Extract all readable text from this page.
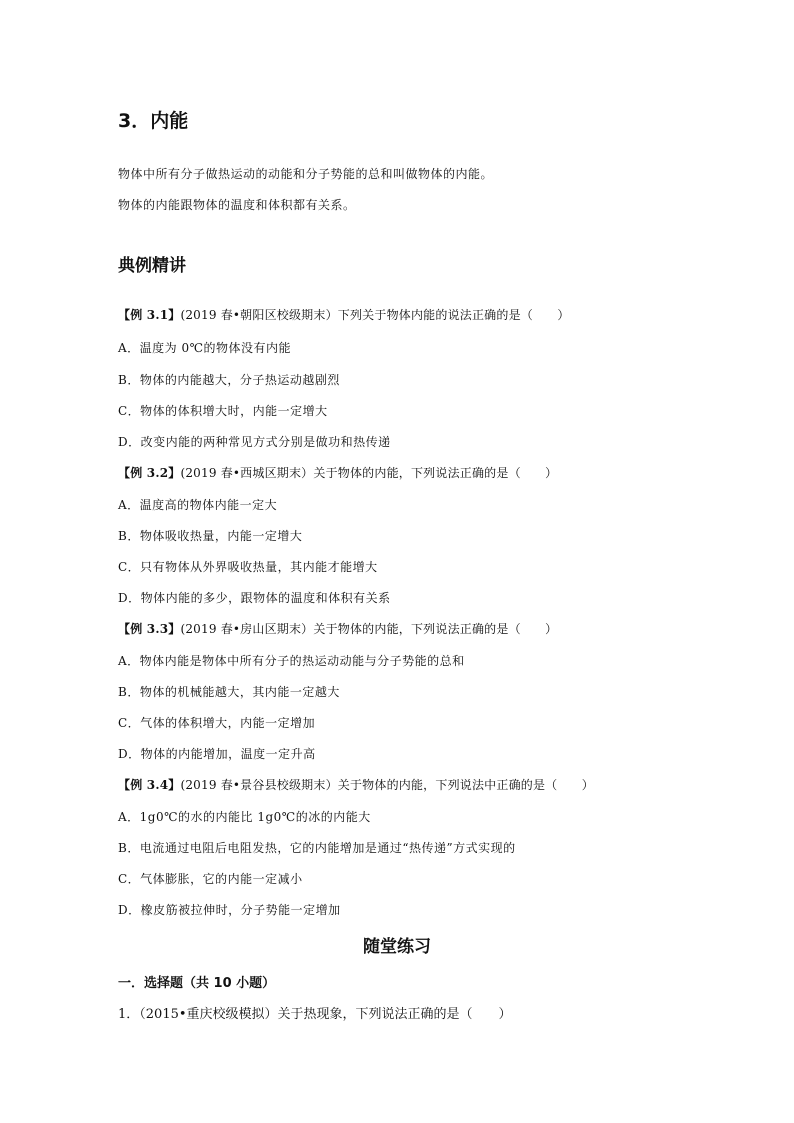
3．内能
物体中所有分子做热运动的动能和分子势能的总和叫做物体的内能。
物体的内能跟物体的温度和体积都有关系。
典例精讲
【例 3.1】(2019 春•朝阳区校级期末）下列关于物体内能的说法正确的是（　　）
A．温度为 0℃的物体没有内能
B．物体的内能越大，分子热运动越剧烈
C．物体的体积增大时，内能一定增大
D．改变内能的两种常见方式分别是做功和热传递
【例 3.2】(2019 春•西城区期末）关于物体的内能，下列说法正确的是（　　）
A．温度高的物体内能一定大
B．物体吸收热量，内能一定增大
C．只有物体从外界吸收热量，其内能才能增大
D．物体内能的多少，跟物体的温度和体积有关系
【例 3.3】(2019 春•房山区期末）关于物体的内能，下列说法正确的是（　　）
A．物体内能是物体中所有分子的热运动动能与分子势能的总和
B．物体的机械能越大，其内能一定越大
C．气体的体积增大，内能一定增加
D．物体的内能增加，温度一定升高
【例 3.4】(2019 春•景谷县校级期末）关于物体的内能，下列说法中正确的是（　　）
A．1g0℃的水的内能比 1g0℃的冰的内能大
B．电流通过电阻后电阻发热，它的内能增加是通过“热传递”方式实现的
C．气体膨胀，它的内能一定减小
D．橡皮筋被拉伸时，分子势能一定增加
随堂练习
一．选择题（共 10 小题）
1．（2015•重庆校级模拟）关于热现象，下列说法正确的是（　　）
